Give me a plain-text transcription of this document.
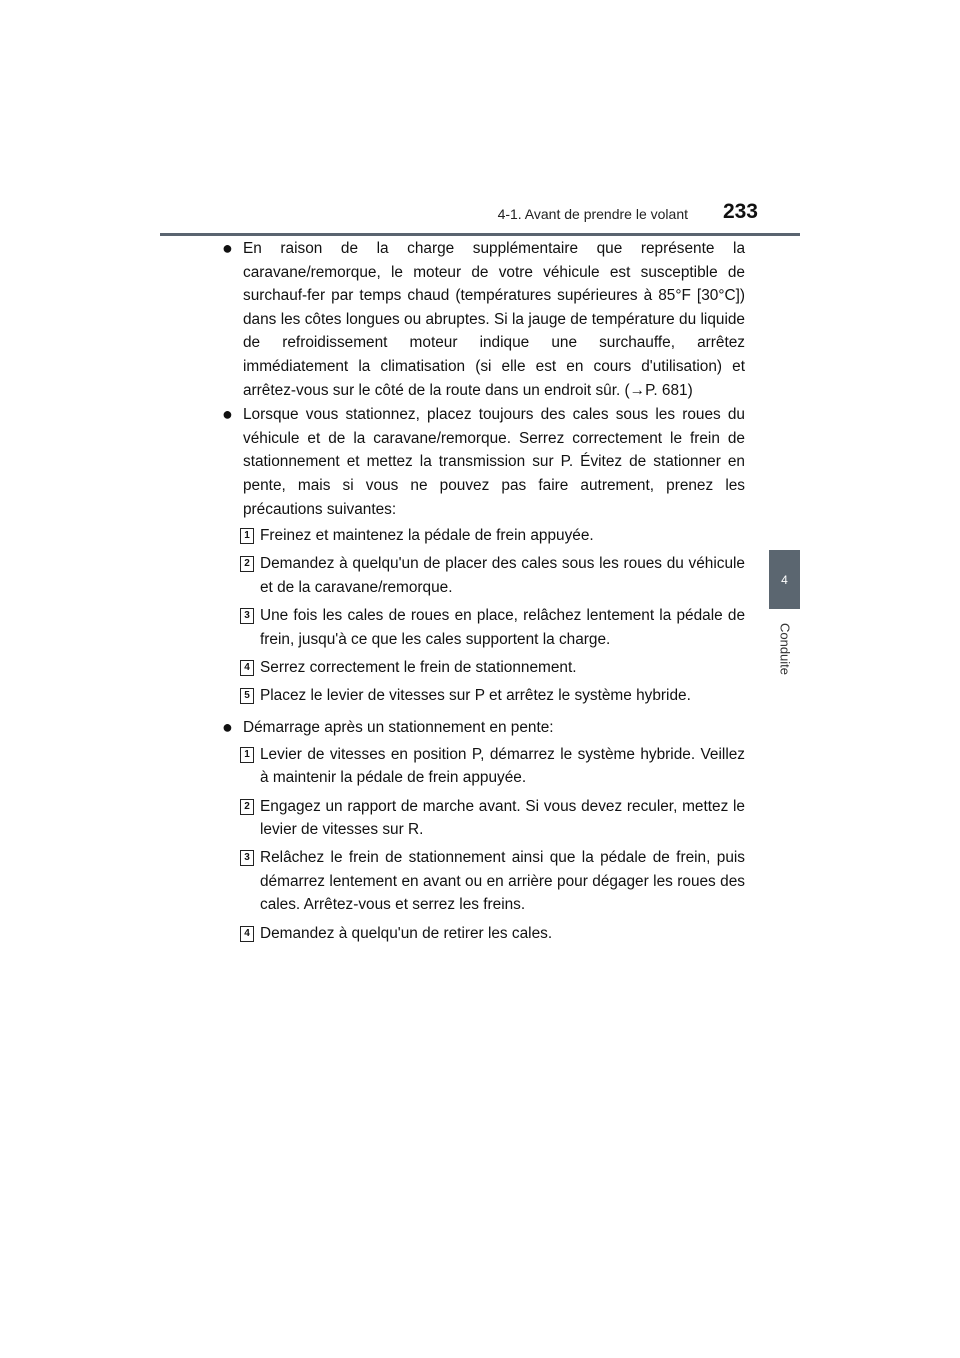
4-1. Avant de prendre le volant 233
4
Conduite
● En raison de la charge supplémentaire que représente la caravane/remorque, le moteur de votre véhicule est susceptible de surchauf-fer par temps chaud (températures supérieures à 85°F [30°C]) dans les côtes longues ou abruptes. Si la jauge de température du liquide de refroidissement moteur indique une surchauffe, arrêtez immédiatement la climatisation (si elle est en cours d'utilisation) et arrêtez-vous sur le côté de la route dans un endroit sûr. (→P. 681)
● Lorsque vous stationnez, placez toujours des cales sous les roues du véhicule et de la caravane/remorque. Serrez correctement le frein de stationnement et mettez la transmission sur P. Évitez de stationner en pente, mais si vous ne pouvez pas faire autrement, prenez les précautions suivantes:
1 Freinez et maintenez la pédale de frein appuyée.
2 Demandez à quelqu'un de placer des cales sous les roues du véhicule et de la caravane/remorque.
3 Une fois les cales de roues en place, relâchez lentement la pédale de frein, jusqu'à ce que les cales supportent la charge.
4 Serrez correctement le frein de stationnement.
5 Placez le levier de vitesses sur P et arrêtez le système hybride.
● Démarrage après un stationnement en pente:
1 Levier de vitesses en position P, démarrez le système hybride. Veillez à maintenir la pédale de frein appuyée.
2 Engagez un rapport de marche avant. Si vous devez reculer, mettez le levier de vitesses sur R.
3 Relâchez le frein de stationnement ainsi que la pédale de frein, puis démarrez lentement en avant ou en arrière pour dégager les roues des cales. Arrêtez-vous et serrez les freins.
4 Demandez à quelqu'un de retirer les cales.
